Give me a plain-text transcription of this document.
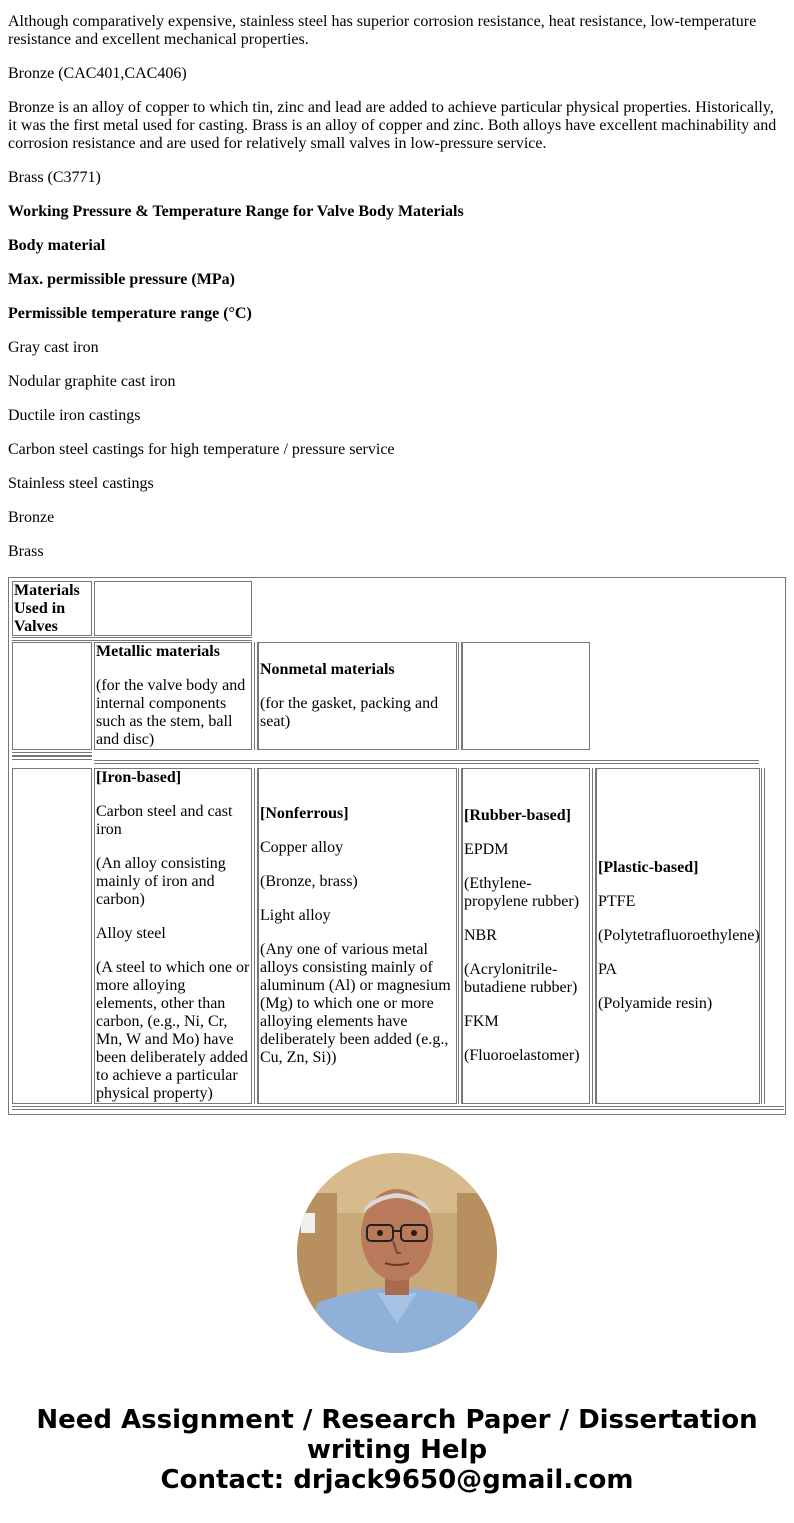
Although comparatively expensive, stainless steel has superior corrosion resistance, heat resistance, low-temperature resistance and excellent mechanical properties.

Bronze (CAC401,CAC406)

Bronze is an alloy of copper to which tin, zinc and lead are added to achieve particular physical properties. Historically, it was the first metal used for casting. Brass is an alloy of copper and zinc. Both alloys have excellent machinability and corrosion resistance and are used for relatively small valves in low-pressure service.

Brass (C3771)

Working Pressure & Temperature Range for Valve Body Materials

Body material

Max. permissible pressure (MPa)

Permissible temperature range (°C)

Gray cast iron

Nodular graphite cast iron

Ductile iron castings

Carbon steel castings for high temperature / pressure service

Stainless steel castings

Bronze

Brass

Materials Used in Valves
Metallic materials
(for the valve body and internal components such as the stem, ball and disc)
Nonmetal materials
(for the gasket, packing and seat)
[Iron-based]
Carbon steel and cast iron
(An alloy consisting mainly of iron and carbon)
Alloy steel
(A steel to which one or more alloying elements, other than carbon, (e.g., Ni, Cr, Mn, W and Mo) have been deliberately added to achieve a particular physical property)
[Nonferrous]
Copper alloy
(Bronze, brass)
Light alloy
(Any one of various metal alloys consisting mainly of aluminum (Al) or magnesium (Mg) to which one or more alloying elements have deliberately been added (e.g., Cu, Zn, Si))
[Rubber-based]
EPDM
(Ethylene-propylene rubber)
NBR
(Acrylonitrile-butadiene rubber)
FKM
(Fluoroelastomer)
[Plastic-based]
PTFE
(Polytetrafluoroethylene)
PA
(Polyamide resin)
Need Assignment / Research Paper / Dissertation
writing Help
Contact: drjack9650@gmail.com
